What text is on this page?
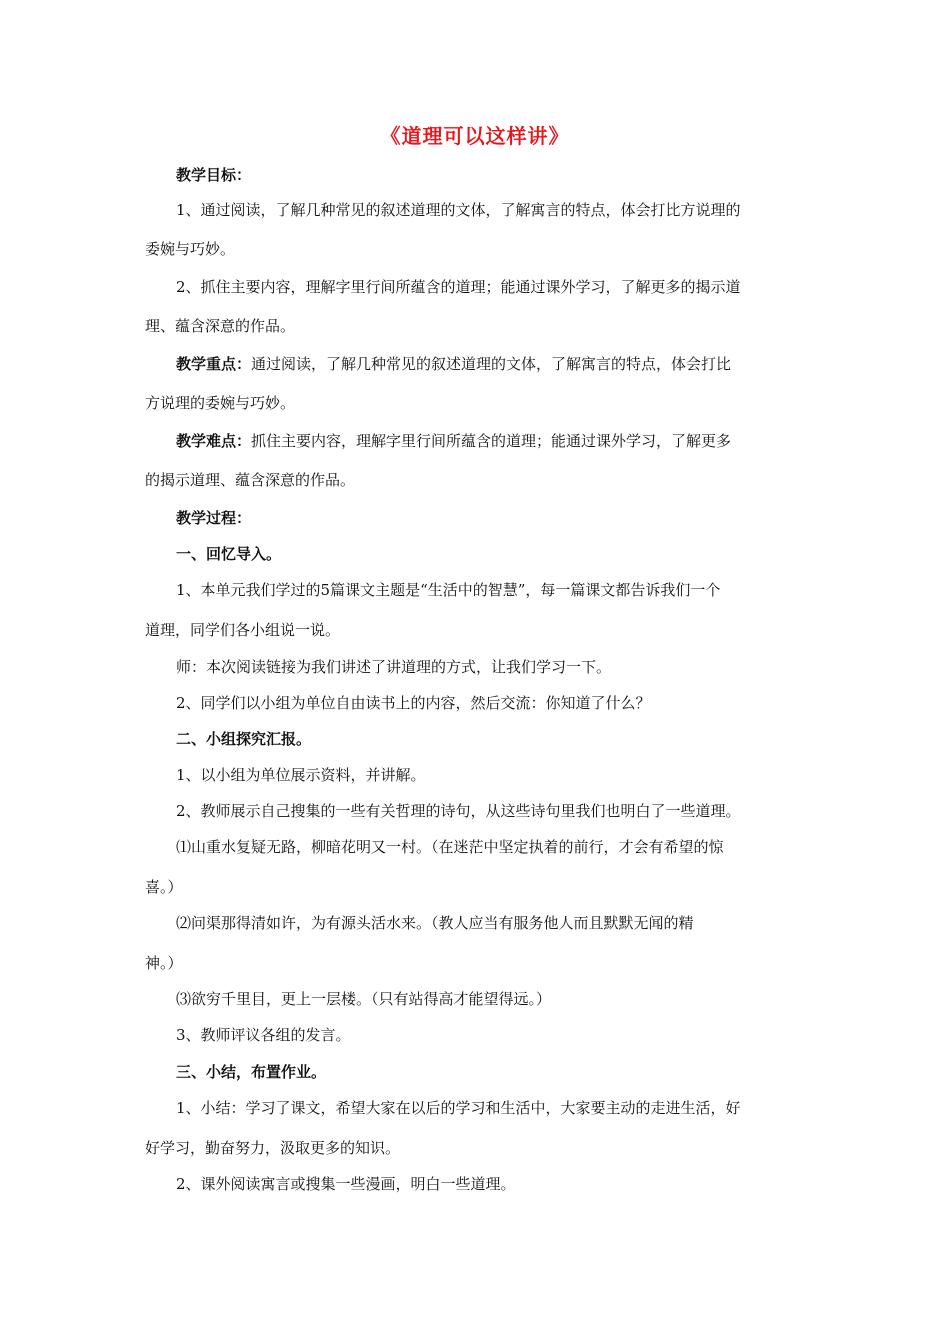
《道理可以这样讲》
教学目标：
1、通过阅读，了解几种常见的叙述道理的文体，了解寓言的特点，体会打比方说理的
委婉与巧妙。
2、抓住主要内容，理解字里行间所蕴含的道理；能通过课外学习，了解更多的揭示道
理、蕴含深意的作品。
教学重点：通过阅读，了解几种常见的叙述道理的文体，了解寓言的特点，体会打比
方说理的委婉与巧妙。
教学难点：抓住主要内容，理解字里行间所蕴含的道理；能通过课外学习，了解更多
的揭示道理、蕴含深意的作品。
教学过程：
一、回忆导入。
1、本单元我们学过的5篇课文主题是“生活中的智慧”，每一篇课文都告诉我们一个
道理，同学们各小组说一说。
师：本次阅读链接为我们讲述了讲道理的方式，让我们学习一下。
2、同学们以小组为单位自由读书上的内容，然后交流：你知道了什么？
二、小组探究汇报。
1、以小组为单位展示资料，并讲解。
2、教师展示自己搜集的一些有关哲理的诗句，从这些诗句里我们也明白了一些道理。
⑴山重水复疑无路，柳暗花明又一村。（在迷茫中坚定执着的前行，才会有希望的惊
喜。）
⑵问渠那得清如许，为有源头活水来。（教人应当有服务他人而且默默无闻的精
神。）
⑶欲穷千里目，更上一层楼。（只有站得高才能望得远。）
3、教师评议各组的发言。
三、小结，布置作业。
1、小结：学习了课文，希望大家在以后的学习和生活中，大家要主动的走进生活，好
好学习，勤奋努力，汲取更多的知识。
2、课外阅读寓言或搜集一些漫画，明白一些道理。
